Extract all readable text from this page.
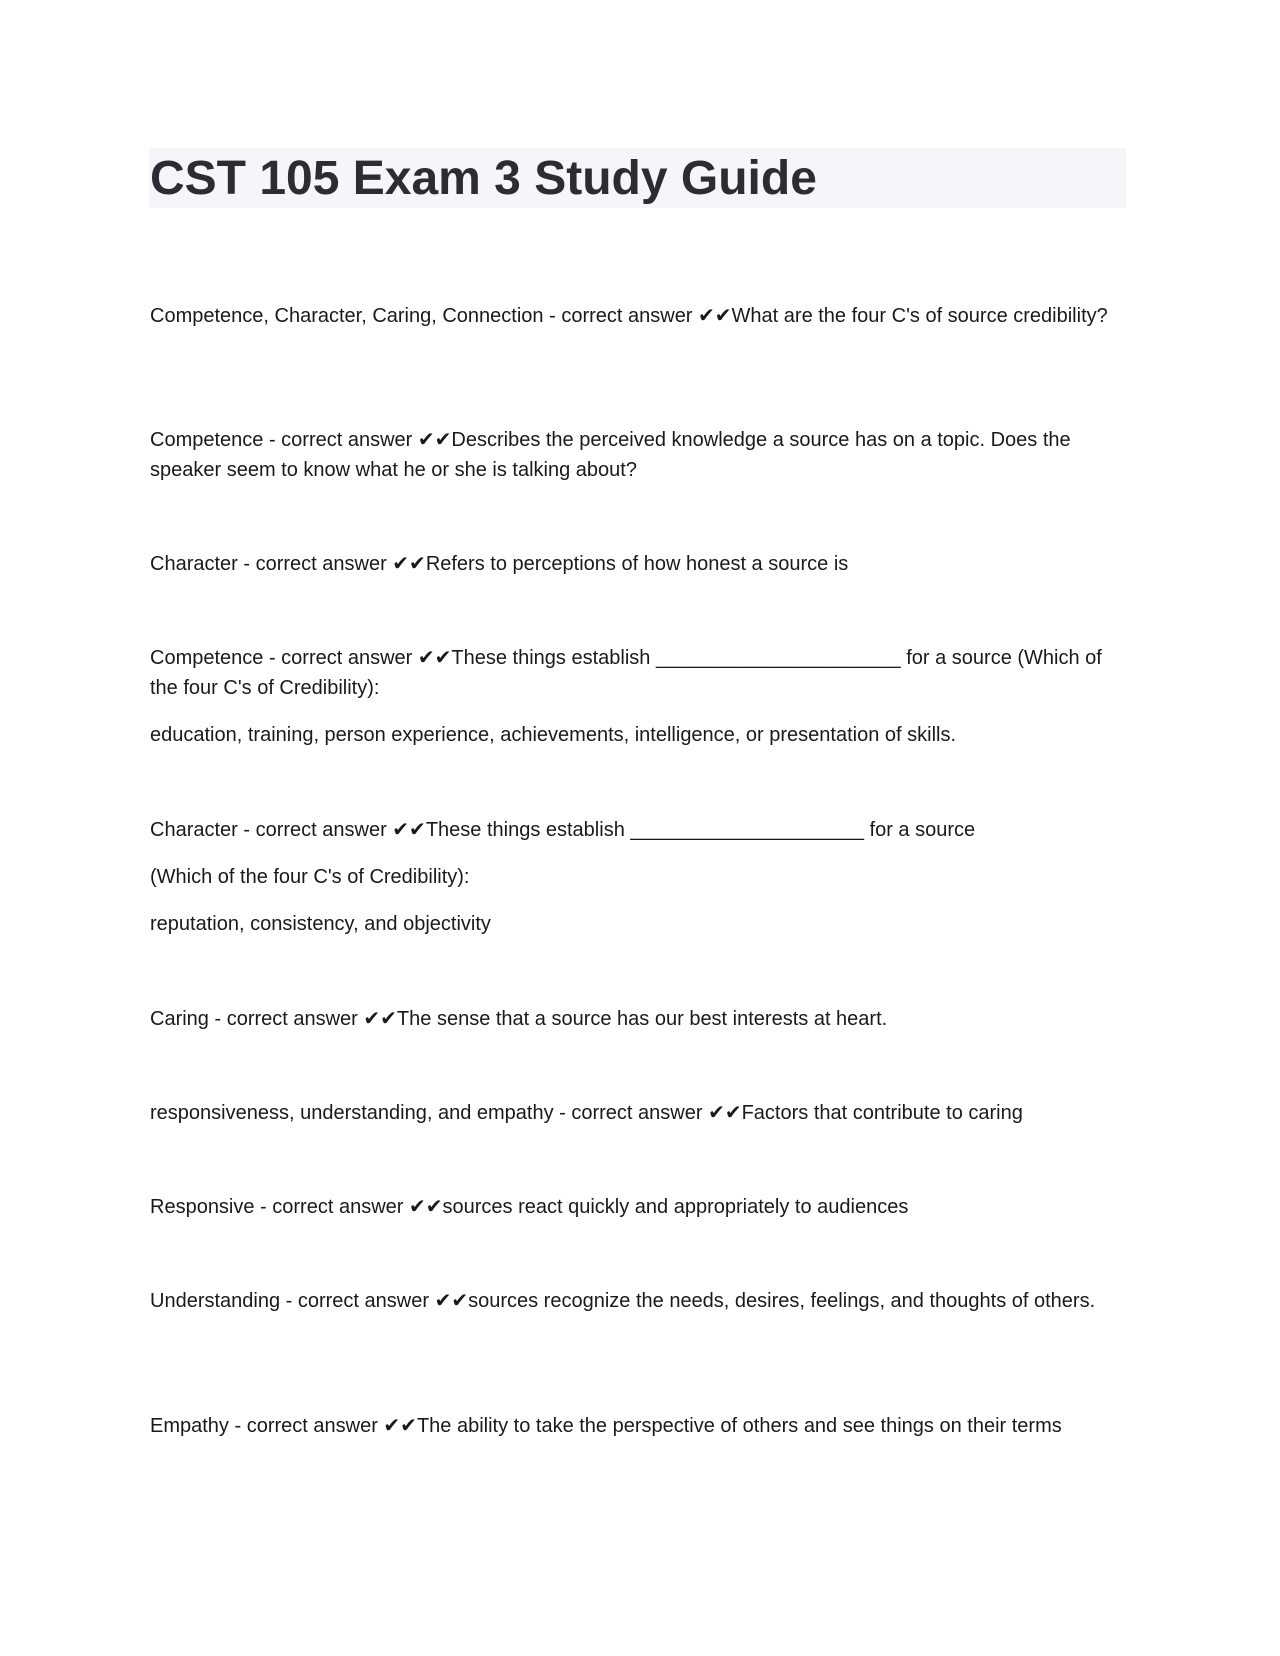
CST 105 Exam 3 Study Guide

Competence, Character, Caring, Connection - correct answer ✔✔What are the four C's of source credibility?

Competence - correct answer ✔✔Describes the perceived knowledge a source has on a topic. Does the speaker seem to know what he or she is talking about?

Character - correct answer ✔✔Refers to perceptions of how honest a source is

Competence - correct answer ✔✔These things establish ______________________ for a source (Which of the four C's of Credibility):

education, training, person experience, achievements, intelligence, or presentation of skills.

Character - correct answer ✔✔These things establish _____________________ for a source

(Which of the four C's of Credibility):

reputation, consistency, and objectivity

Caring - correct answer ✔✔The sense that a source has our best interests at heart.

responsiveness, understanding, and empathy - correct answer ✔✔Factors that contribute to caring

Responsive - correct answer ✔✔sources react quickly and appropriately to audiences

Understanding - correct answer ✔✔sources recognize the needs, desires, feelings, and thoughts of others.

Empathy - correct answer ✔✔The ability to take the perspective of others and see things on their terms
